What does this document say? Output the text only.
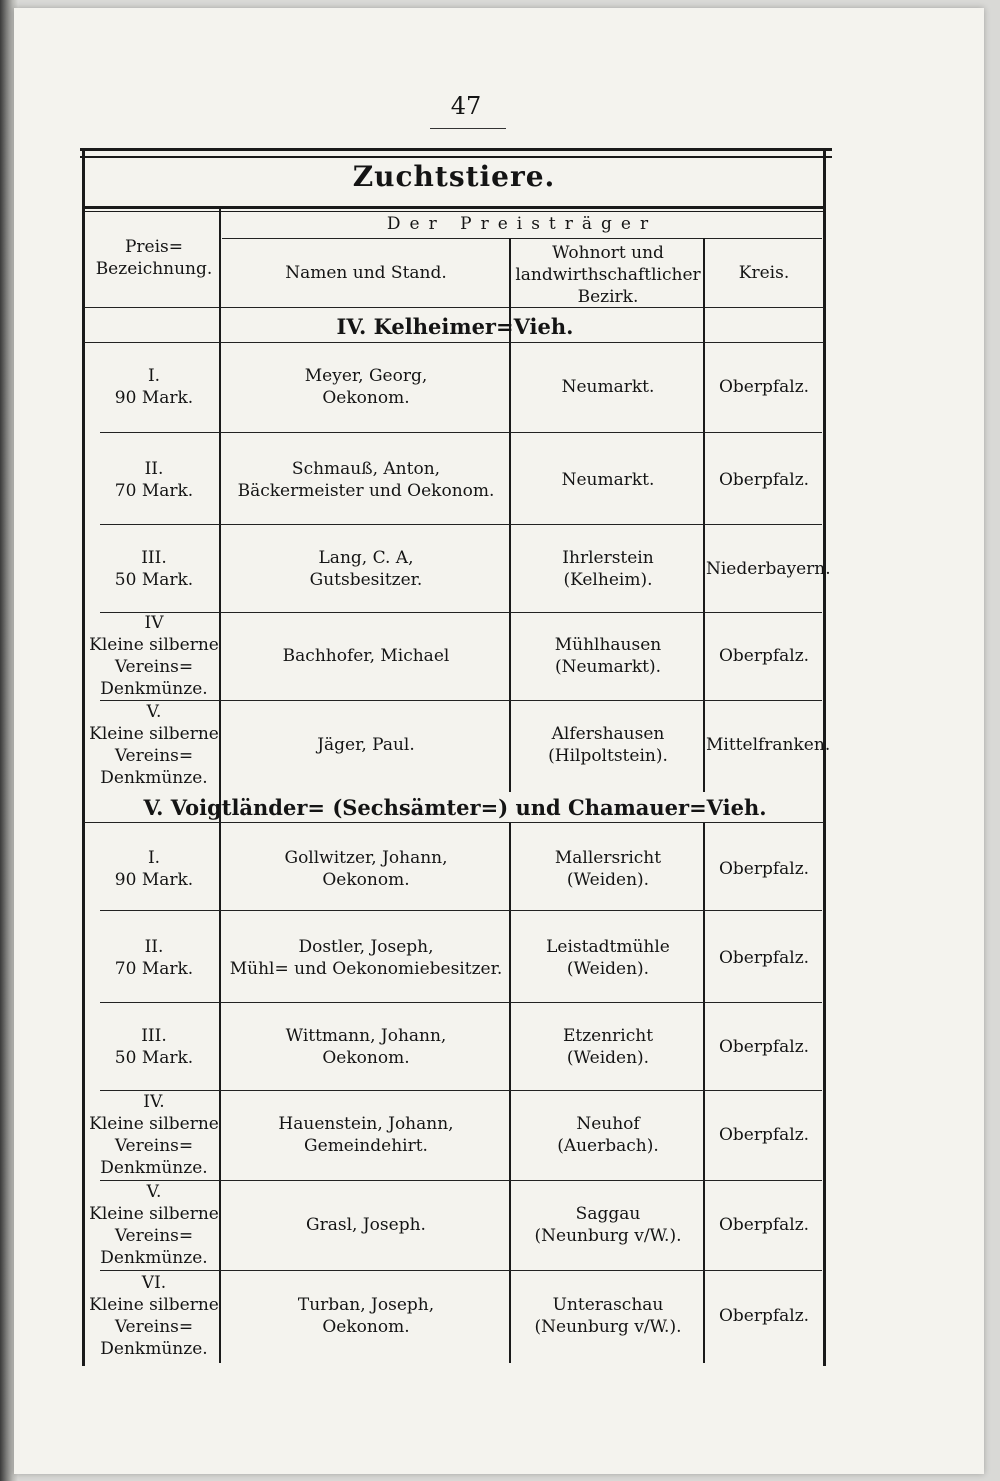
47
Zuchtstiere.
Preis=
Bezeichnung.
Der Preisträger
Namen und Stand.
Wohnort und
landwirthschaftlicher
Bezirk.
Kreis.
IV. Kelheimer=Vieh.
I.
90 Mark.
Meyer, Georg,
Oekonom.
Neumarkt.	Oberpfalz.
II.
70 Mark.
Schmauß, Anton,
Bäckermeister und Oekonom.
Neumarkt.	Oberpfalz.
III.
50 Mark.
Lang, C. A,
Gutsbesitzer.
Ihrlerstein
(Kelheim).
Niederbayern.
IV
Kleine silberne
Vereins=
Denkmünze.
Bachhofer, Michael
Mühlhausen
(Neumarkt).
Oberpfalz.
V.
Kleine silberne
Vereins=
Denkmünze.
Jäger, Paul.
Alfershausen
(Hilpoltstein).
Mittelfranken.
V. Voigtländer= (Sechsämter=) und Chamauer=Vieh.
I.
90 Mark.
Gollwitzer, Johann,
Oekonom.
Mallersricht
(Weiden).
Oberpfalz.
II.
70 Mark.
Dostler, Joseph,
Mühl= und Oekonomiebesitzer.
Leistadtmühle
(Weiden).
Oberpfalz.
III.
50 Mark.
Wittmann, Johann,
Oekonom.
Etzenricht
(Weiden).
Oberpfalz.
IV.
Kleine silberne
Vereins=
Denkmünze.
Hauenstein, Johann,
Gemeindehirt.
Neuhof
(Auerbach).
Oberpfalz.
V.
Kleine silberne
Vereins=
Denkmünze.
Grasl, Joseph.
Saggau
(Neunburg v/W.).
Oberpfalz.
VI.
Kleine silberne
Vereins=
Denkmünze.
Turban, Joseph,
Oekonom.
Unteraschau
(Neunburg v/W.).
Oberpfalz.
